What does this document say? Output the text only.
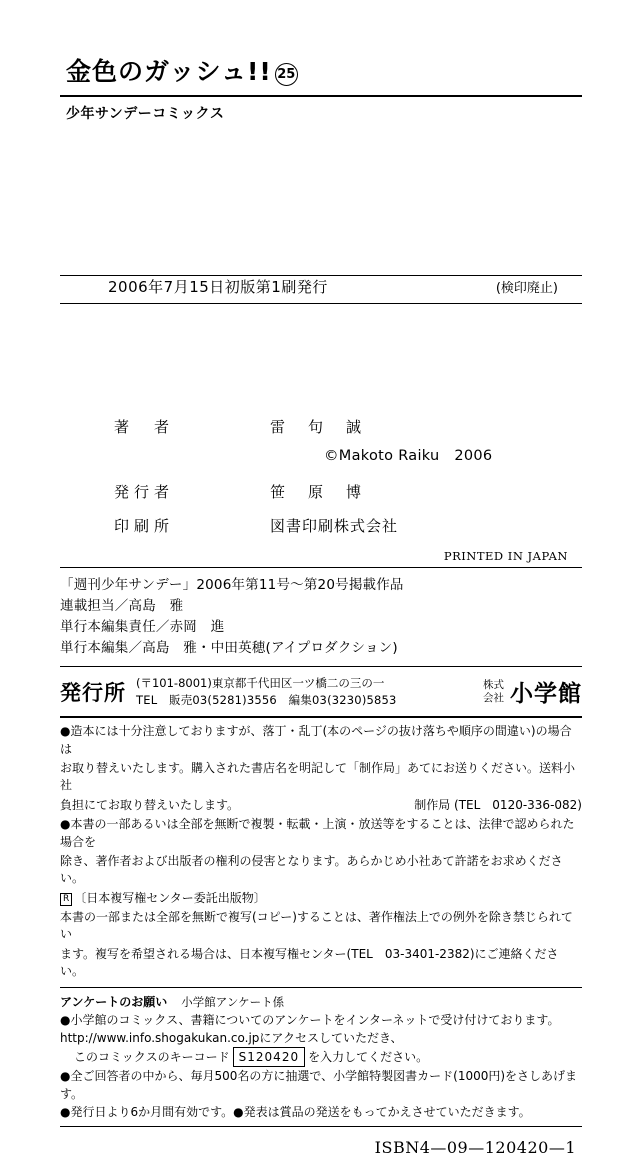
金色のガッシュ!! 25
少年サンデーコミックス
2006年7月15日初版第1刷発行	(検印廃止)
著　者	雷　句　誠
©Makoto Raiku　2006
発行者	笹　原　博
印刷所	図書印刷株式会社
PRINTED IN JAPAN
「週刊少年サンデー」2006年第11号〜第20号掲載作品
連載担当／高島　雅
単行本編集責任／赤岡　進
単行本編集／高島　雅・中田英穂(アイプロダクション)
発行所 (〒101-8001)東京都千代田区一ツ橋二の三の一
TEL　販売03(5281)3556　編集03(3230)5853
株式
会社 小学館

●造本には十分注意しておりますが、落丁・乱丁(本のページの抜け落ちや順序の間違い)の場合は

お取り替えいたします。購入された書店名を明記して「制作局」あてにお送りください。送料小社

負担にてお取り替えいたします。	制作局 (TEL　0120-336-082)

●本書の一部あるいは全部を無断で複製・転載・上演・放送等をすることは、法律で認められた場合を

除き、著作者および出版者の権利の侵害となります。あらかじめ小社あて許諾をお求めください。

R 〔日本複写権センター委託出版物〕

本書の一部または全部を無断で複写(コピー)することは、著作権法上での例外を除き禁じられてい

ます。複写を希望される場合は、日本複写権センター(TEL　03-3401-2382)にご連絡ください。

アンケートのお願い 小学館アンケート係

●小学館のコミックス、書籍についてのアンケートをインターネットで受け付けております。

http://www.info.shogakukan.co.jpにアクセスしていただき、

このコミックスのキーコード S120420 を入力してください。

●全ご回答者の中から、毎月500名の方に抽選で、小学館特製図書カード(1000円)をさしあげます。

●発行日より6か月間有効です。●発表は賞品の発送をもってかえさせていただきます。

ISBN4—09—120420—1
